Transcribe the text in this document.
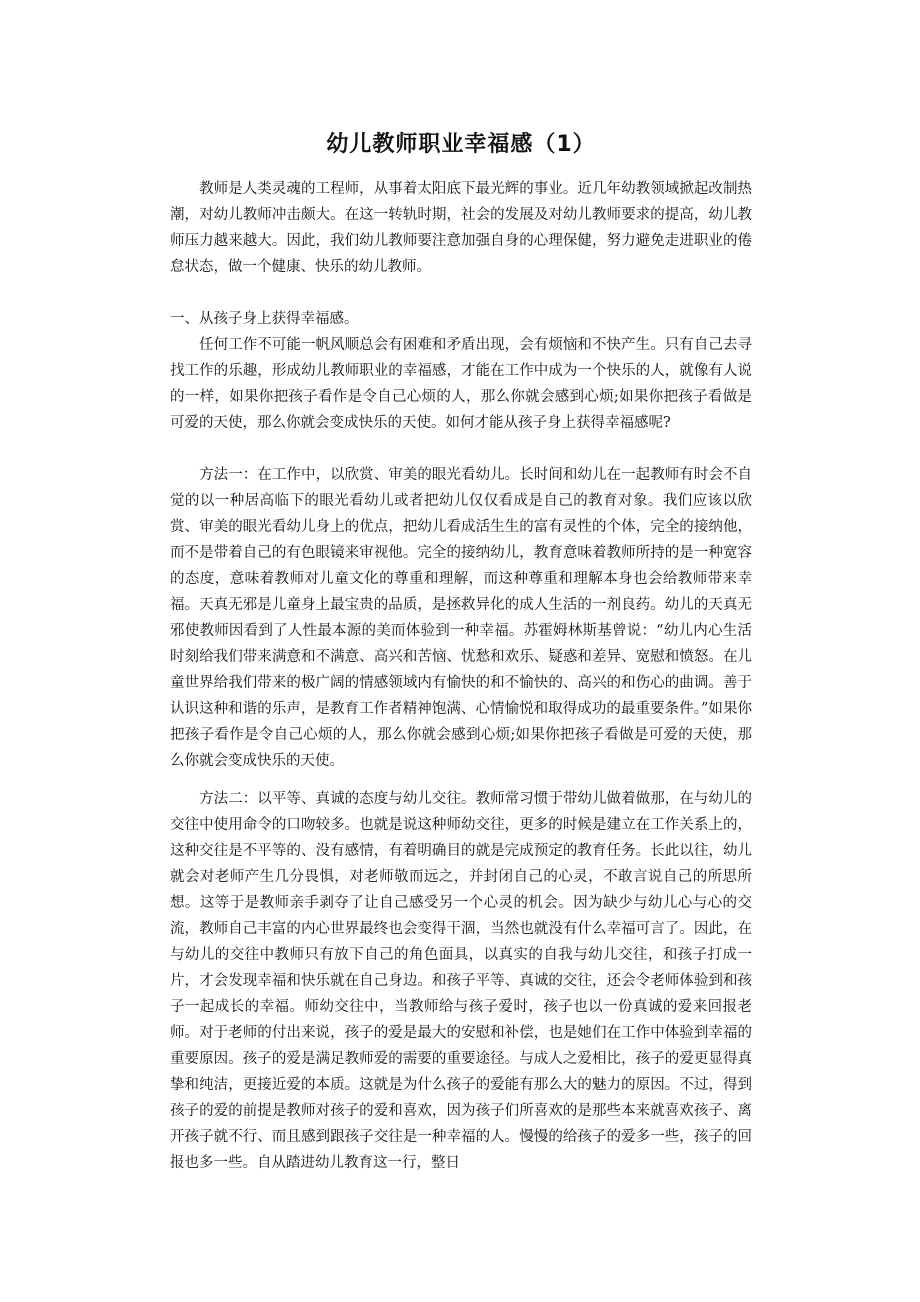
幼儿教师职业幸福感（1）

　　教师是人类灵魂的工程师，从事着太阳底下最光辉的事业。近几年幼教领域掀起改制热潮，对幼儿教师冲击颇大。在这一转轨时期，社会的发展及对幼儿教师要求的提高，幼儿教师压力越来越大。因此，我们幼儿教师要注意加强自身的心理保健，努力避免走进职业的倦怠状态，做一个健康、快乐的幼儿教师。

一、从孩子身上获得幸福感。

　　任何工作不可能一帆风顺总会有困难和矛盾出现，会有烦恼和不快产生。只有自己去寻找工作的乐趣，形成幼儿教师职业的幸福感，才能在工作中成为一个快乐的人，就像有人说的一样，如果你把孩子看作是令自己心烦的人，那么你就会感到心烦;如果你把孩子看做是可爱的天使，那么你就会变成快乐的天使。如何才能从孩子身上获得幸福感呢?

　　方法一：在工作中，以欣赏、审美的眼光看幼儿。长时间和幼儿在一起教师有时会不自觉的以一种居高临下的眼光看幼儿或者把幼儿仅仅看成是自己的教育对象。我们应该以欣赏、审美的眼光看幼儿身上的优点，把幼儿看成活生生的富有灵性的个体，完全的接纳他，而不是带着自己的有色眼镜来审视他。完全的接纳幼儿，教育意味着教师所持的是一种宽容的态度，意味着教师对儿童文化的尊重和理解，而这种尊重和理解本身也会给教师带来幸福。天真无邪是儿童身上最宝贵的品质，是拯救异化的成人生活的一剂良药。幼儿的天真无邪使教师因看到了人性最本源的美而体验到一种幸福。苏霍姆林斯基曾说：“幼儿内心生活时刻给我们带来满意和不满意、高兴和苦恼、忧愁和欢乐、疑惑和差异、宽慰和愤怒。在儿童世界给我们带来的极广阔的情感领域内有愉快的和不愉快的、高兴的和伤心的曲调。善于认识这种和谐的乐声，是教育工作者精神饱满、心情愉悦和取得成功的最重要条件。”如果你把孩子看作是令自己心烦的人，那么你就会感到心烦;如果你把孩子看做是可爱的天使，那么你就会变成快乐的天使。

　　方法二：以平等、真诚的态度与幼儿交往。教师常习惯于带幼儿做着做那，在与幼儿的交往中使用命令的口吻较多。也就是说这种师幼交往，更多的时候是建立在工作关系上的，这种交往是不平等的、没有感情，有着明确目的就是完成预定的教育任务。长此以往，幼儿就会对老师产生几分畏惧，对老师敬而远之，并封闭自己的心灵，不敢言说自己的所思所想。这等于是教师亲手剥夺了让自己感受另一个心灵的机会。因为缺少与幼儿心与心的交流，教师自己丰富的内心世界最终也会变得干涸，当然也就没有什么幸福可言了。因此，在与幼儿的交往中教师只有放下自己的角色面具，以真实的自我与幼儿交往，和孩子打成一片，才会发现幸福和快乐就在自己身边。和孩子平等、真诚的交往，还会令老师体验到和孩子一起成长的幸福。师幼交往中，当教师给与孩子爱时，孩子也以一份真诚的爱来回报老师。对于老师的付出来说，孩子的爱是最大的安慰和补偿，也是她们在工作中体验到幸福的重要原因。孩子的爱是满足教师爱的需要的重要途径。与成人之爱相比，孩子的爱更显得真挚和纯洁，更接近爱的本质。这就是为什么孩子的爱能有那么大的魅力的原因。不过，得到孩子的爱的前提是教师对孩子的爱和喜欢，因为孩子们所喜欢的是那些本来就喜欢孩子、离开孩子就不行、而且感到跟孩子交往是一种幸福的人。慢慢的给孩子的爱多一些，孩子的回报也多一些。自从踏进幼儿教育这一行，整日
